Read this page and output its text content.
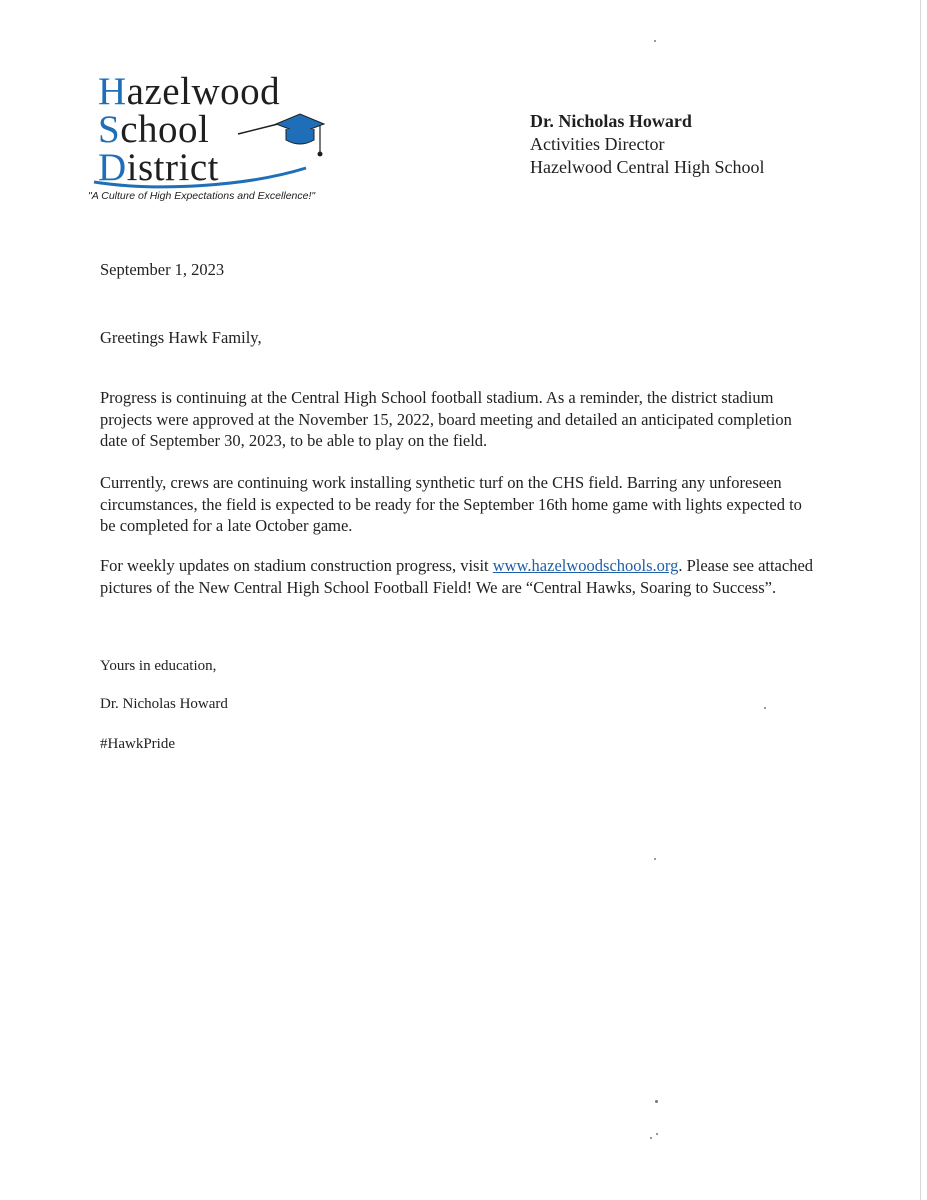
Hazelwood
School
District
"A Culture of High Expectations and Excellence!"
Dr. Nicholas Howard
Activities Director
Hazelwood Central High School
September 1, 2023
Greetings Hawk Family,
Progress is continuing at the Central High School football stadium. As a reminder, the district stadium projects were approved at the November 15, 2022, board meeting and detailed an anticipated completion date of September 30, 2023, to be able to play on the field.
Currently, crews are continuing work installing synthetic turf on the CHS field. Barring any unforeseen circumstances, the field is expected to be ready for the September 16th home game with lights expected to be completed for a late October game.
For weekly updates on stadium construction progress, visit www.hazelwoodschools.org. Please see attached pictures of the New Central High School Football Field! We are “Central Hawks, Soaring to Success”.
Yours in education,
Dr. Nicholas Howard
#HawkPride
